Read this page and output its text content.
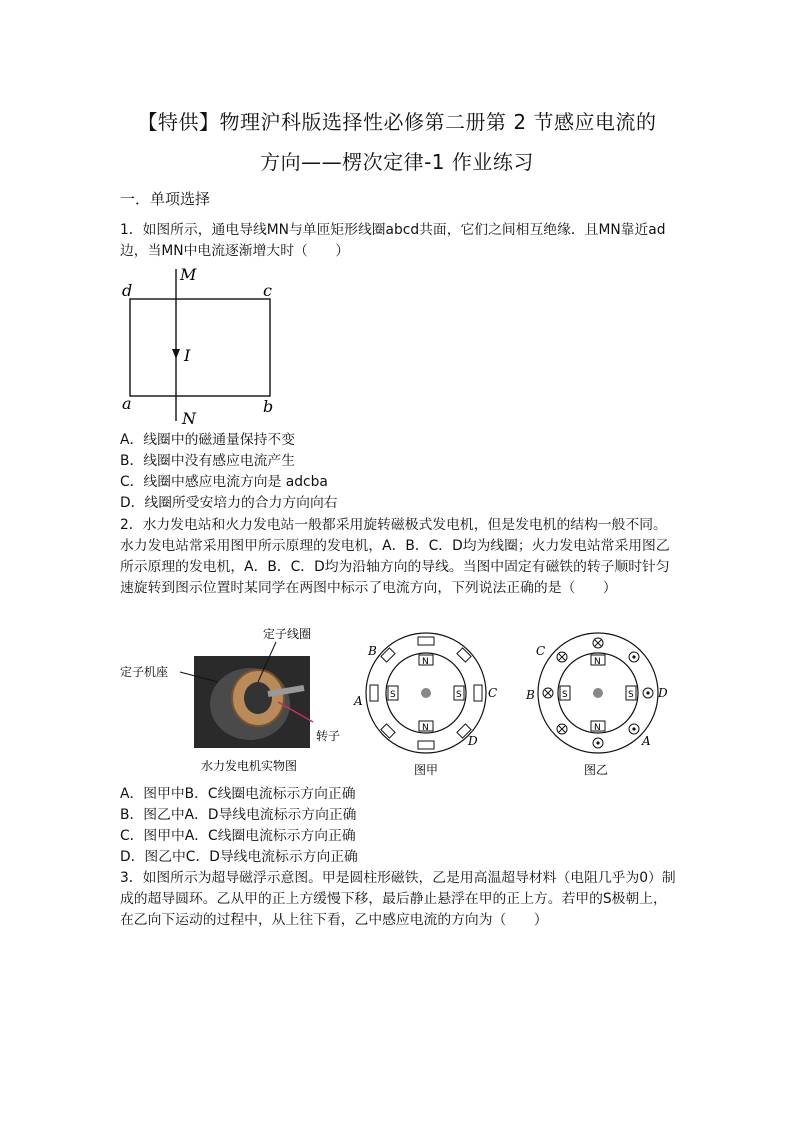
【特供】物理沪科版选择性必修第二册第 2 节感应电流的
方向——楞次定律-1 作业练习
一．单项选择
1．如图所示，通电导线MN与单匝矩形线圈abcd共面，它们之间相互绝缘．且MN靠近ad边，当MN中电流逐渐增大时（　　）
d	c
a	b
M
N
I
A．线圈中的磁通量保持不变
B．线圈中没有感应电流产生
C．线圈中感应电流方向是 adcba
D．线圈所受安培力的合力方向向右
2．水力发电站和火力发电站一般都采用旋转磁极式发电机，但是发电机的结构一般不同。水力发电站常采用图甲所示原理的发电机，A．B．C．D均为线圈；火力发电站常采用图乙所示原理的发电机，A．B．C．D均为沿轴方向的导线。当图中固定有磁铁的转子顺时针匀速旋转到图示位置时某同学在两图中标示了电流方向，下列说法正确的是（　　）
定子线圈
定子机座
转子
水力发电机实物图
N
N
S	S
B
A
C
D
图甲
N
N
S	S
C
B	D
A
图乙
A．图甲中B．C线圈电流标示方向正确
B．图乙中A．D导线电流标示方向正确
C．图甲中A．C线圈电流标示方向正确
D．图乙中C．D导线电流标示方向正确
3．如图所示为超导磁浮示意图。甲是圆柱形磁铁，乙是用高温超导材料（电阻几乎为0）制成的超导圆环。乙从甲的正上方缓慢下移，最后静止悬浮在甲的正上方。若甲的S极朝上，在乙向下运动的过程中，从上往下看，乙中感应电流的方向为（　　）
